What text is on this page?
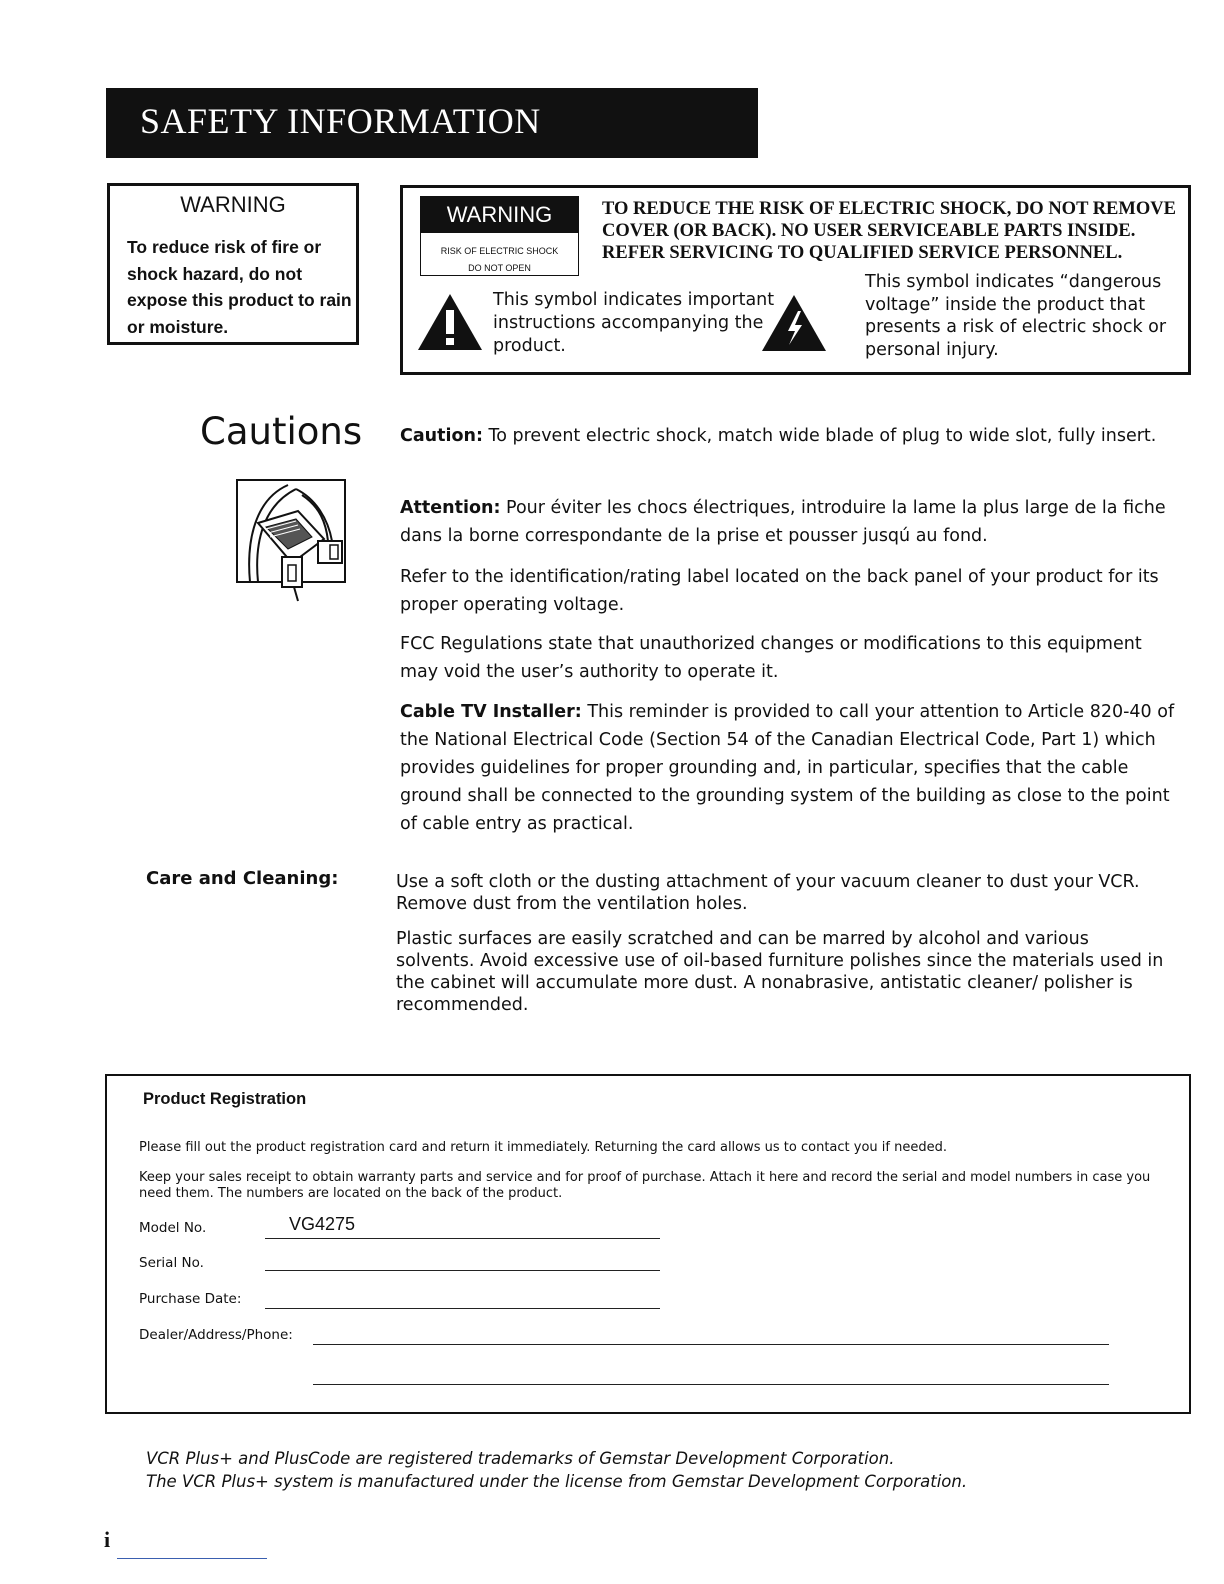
SAFETY INFORMATION
WARNING
To reduce risk of fire or shock hazard, do not expose this product to rain or moisture.
WARNING
RISK OF ELECTRIC SHOCK
DO NOT OPEN
TO REDUCE THE RISK OF ELECTRIC SHOCK, DO NOT REMOVE COVER (OR BACK). NO USER SERVICEABLE PARTS INSIDE. REFER SERVICING TO QUALIFIED SERVICE PERSONNEL.
This symbol indicates important instructions accompanying the product.
This symbol indicates “dangerous voltage” inside the product that presents a risk of electric shock or personal injury.
Cautions Caution: To prevent electric shock, match wide blade of plug to wide slot, fully insert.
Attention: Pour éviter les chocs électriques, introduire la lame la plus large de la fiche dans la borne correspondante de la prise et pousser jusqú au fond.
Refer to the identification/rating label located on the back panel of your product for its proper operating voltage.
FCC Regulations state that unauthorized changes or modifications to this equipment may void the user’s authority to operate it.
Cable TV Installer: This reminder is provided to call your attention to Article 820-40 of the National Electrical Code (Section 54 of the Canadian Electrical Code, Part 1) which provides guidelines for proper grounding and, in particular, specifies that the cable ground shall be connected to the grounding system of the building as close to the point of cable entry as practical.
Care and Cleaning:	Use a soft cloth or the dusting attachment of your vacuum cleaner to dust your VCR. Remove dust from the ventilation holes.
Plastic surfaces are easily scratched and can be marred by alcohol and various solvents. Avoid excessive use of oil-based furniture polishes since the materials used in the cabinet will accumulate more dust. A nonabrasive, antistatic cleaner/ polisher is recommended.
Product Registration
Please fill out the product registration card and return it immediately. Returning the card allows us to contact you if needed.
Keep your sales receipt to obtain warranty parts and service and for proof of purchase. Attach it here and record the serial and model numbers in case you need them. The numbers are located on the back of the product.
Model No.	VG4275
Serial No.
Purchase Date:
Dealer/Address/Phone:
VCR Plus+ and PlusCode are registered trademarks of Gemstar Development Corporation.
The VCR Plus+ system is manufactured under the license from Gemstar Development Corporation.
i
